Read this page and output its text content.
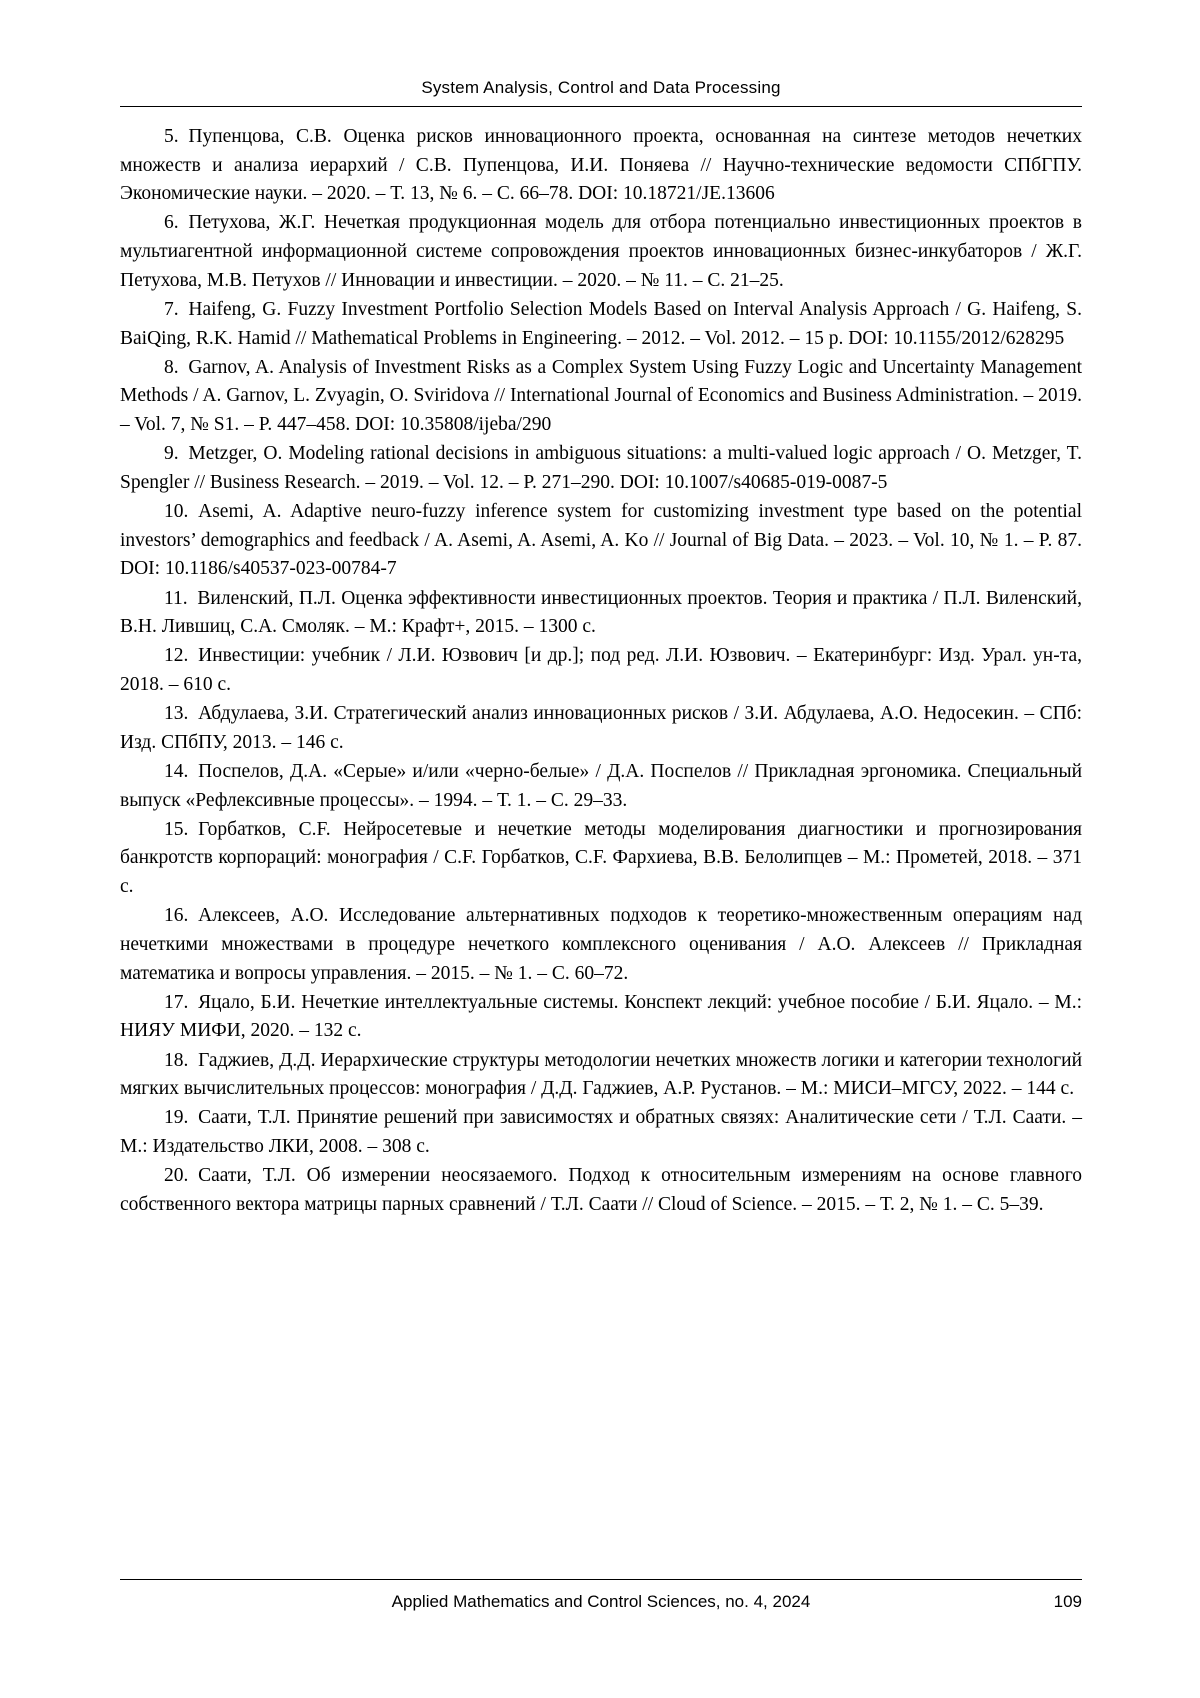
System Analysis, Control and Data Processing

5. Пупенцова, С.В. Оценка рисков инновационного проекта, основанная на синтезе методов нечетких множеств и анализа иерархий / С.В. Пупенцова, И.И. Поняева // Научно-технические ведомости СПбГПУ. Экономические науки. – 2020. – Т. 13, № 6. – С. 66–78. DOI: 10.18721/JE.13606

6. Петухова, Ж.Г. Нечеткая продукционная модель для отбора потенциально инвестиционных проектов в мультиагентной информационной системе сопровождения проектов инновационных бизнес-инкубаторов / Ж.Г. Петухова, М.В. Петухов // Инновации и инвестиции. – 2020. – № 11. – С. 21–25.

7. Haifeng, G. Fuzzy Investment Portfolio Selection Models Based on Interval Analysis Approach / G. Haifeng, S. BaiQing, R.K. Hamid // Mathematical Problems in Engineering. – 2012. – Vol. 2012. – 15 p. DOI: 10.1155/2012/628295

8. Garnov, A. Analysis of Investment Risks as a Complex System Using Fuzzy Logic and Uncertainty Management Methods / A. Garnov, L. Zvyagin, O. Sviridova // International Journal of Economics and Business Administration. – 2019. – Vol. 7, № S1. – P. 447–458. DOI: 10.35808/ijeba/290

9. Metzger, O. Modeling rational decisions in ambiguous situations: a multi-valued logic approach / O. Metzger, T. Spengler // Business Research. – 2019. – Vol. 12. – P. 271–290. DOI: 10.1007/s40685-019-0087-5

10. Asemi, A. Adaptive neuro-fuzzy inference system for customizing investment type based on the potential investors’ demographics and feedback / A. Asemi, A. Asemi, A. Ko // Journal of Big Data. – 2023. – Vol. 10, № 1. – P. 87. DOI: 10.1186/s40537-023-00784-7

11. Виленский, П.Л. Оценка эффективности инвестиционных проектов. Теория и практика / П.Л. Виленский, В.Н. Лившиц, С.А. Смоляк. – М.: Крафт+, 2015. – 1300 с.

12. Инвестиции: учебник / Л.И. Юзвович [и др.]; под ред. Л.И. Юзвович. – Екатеринбург: Изд. Урал. ун-та, 2018. – 610 с.

13. Абдулаева, З.И. Стратегический анализ инновационных рисков / З.И. Абдулаева, А.О. Недосекин. – СПб: Изд. СПбПУ, 2013. – 146 с.

14. Поспелов, Д.А. «Серые» и/или «черно-белые» / Д.А. Поспелов // Прикладная эргономика. Специальный выпуск «Рефлексивные процессы». – 1994. – Т. 1. – С. 29–33.

15. Горбатков, С.F. Нейросетевые и нечеткие методы моделирования диагностики и прогнозирования банкротств корпораций: монография / С.F. Горбатков, С.F. Фархиева, В.В. Белолипцев – М.: Прометей, 2018. – 371 с.

16. Алексеев, А.О. Исследование альтернативных подходов к теоретико-множественным операциям над нечеткими множествами в процедуре нечеткого комплексного оценивания / А.О. Алексеев // Прикладная математика и вопросы управления. – 2015. – № 1. – С. 60–72.

17. Яцало, Б.И. Нечеткие интеллектуальные системы. Конспект лекций: учебное пособие / Б.И. Яцало. – М.: НИЯУ МИФИ, 2020. – 132 с.

18. Гаджиев, Д.Д. Иерархические структуры методологии нечетких множеств логики и категории технологий мягких вычислительных процессов: монография / Д.Д. Гаджиев, А.Р. Рустанов. – М.: МИСИ–МГСУ, 2022. – 144 с.

19. Саати, Т.Л. Принятие решений при зависимостях и обратных связях: Аналитические сети / Т.Л. Саати. – М.: Издательство ЛКИ, 2008. – 308 с.

20. Саати, Т.Л. Об измерении неосязаемого. Подход к относительным измерениям на основе главного собственного вектора матрицы парных сравнений / Т.Л. Саати // Cloud of Science. – 2015. – Т. 2, № 1. – С. 5–39.

Applied Mathematics and Control Sciences, no. 4, 2024	109
